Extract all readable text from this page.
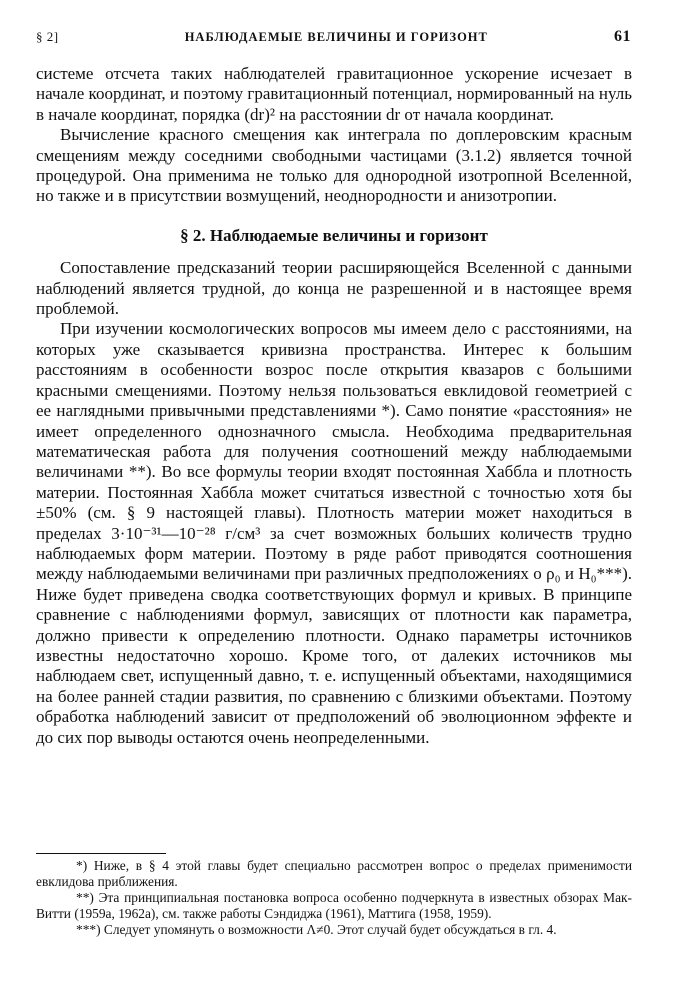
§ 2]	НАБЛЮДАЕМЫЕ ВЕЛИЧИНЫ И ГОРИЗОНТ	61

системе отсчета таких наблюдателей гравитационное ускорение исчезает в начале координат, и поэтому гравитационный потенциал, нормированный на нуль в начале координат, порядка (dr)² на расстоянии dr от начала координат.

Вычисление красного смещения как интеграла по доплеровским красным смещениям между соседними свободными частицами (3.1.2) является точной процедурой. Она применима не только для однородной изотропной Вселенной, но также и в присутствии возмущений, неоднородности и анизотропии.

§ 2. Наблюдаемые величины и горизонт

Сопоставление предсказаний теории расширяющейся Вселенной с данными наблюдений является трудной, до конца не разрешенной и в настоящее время проблемой.

При изучении космологических вопросов мы имеем дело с расстояниями, на которых уже сказывается кривизна пространства. Интерес к большим расстояниям в особенности возрос после открытия квазаров с большими красными смещениями. Поэтому нельзя пользоваться евклидовой геометрией с ее наглядными привычными представлениями *). Само понятие «расстояния» не имеет определенного однозначного смысла. Необходима предварительная математическая работа для получения соотношений между наблюдаемыми величинами **). Во все формулы теории входят постоянная Хаббла и плотность материи. Постоянная Хаббла может считаться известной с точностью хотя бы ±50% (см. § 9 настоящей главы). Плотность материи может находиться в пределах 3·10⁻³¹—10⁻²⁸ г/см³ за счет возможных больших количеств трудно наблюдаемых форм материи. Поэтому в ряде работ приводятся соотношения между наблюдаемыми величинами при различных предположениях о ρ₀ и H₀***). Ниже будет приведена сводка соответствующих формул и кривых. В принципе сравнение с наблюдениями формул, зависящих от плотности как параметра, должно привести к определению плотности. Однако параметры источников известны недостаточно хорошо. Кроме того, от далеких источников мы наблюдаем свет, испущенный давно, т. е. испущенный объектами, находящимися на более ранней стадии развития, по сравнению с близкими объектами. Поэтому обработка наблюдений зависит от предположений об эволюционном эффекте и до сих пор выводы остаются очень неопределенными.

*) Ниже, в § 4 этой главы будет специально рассмотрен вопрос о пределах применимости евклидова приближения.

**) Эта принципиальная постановка вопроса особенно подчеркнута в известных обзорах Мак-Витти (1959а, 1962а), см. также работы Сэндиджа (1961), Маттига (1958, 1959).

***) Следует упомянуть о возможности Λ≠0. Этот случай будет обсуждаться в гл. 4.
